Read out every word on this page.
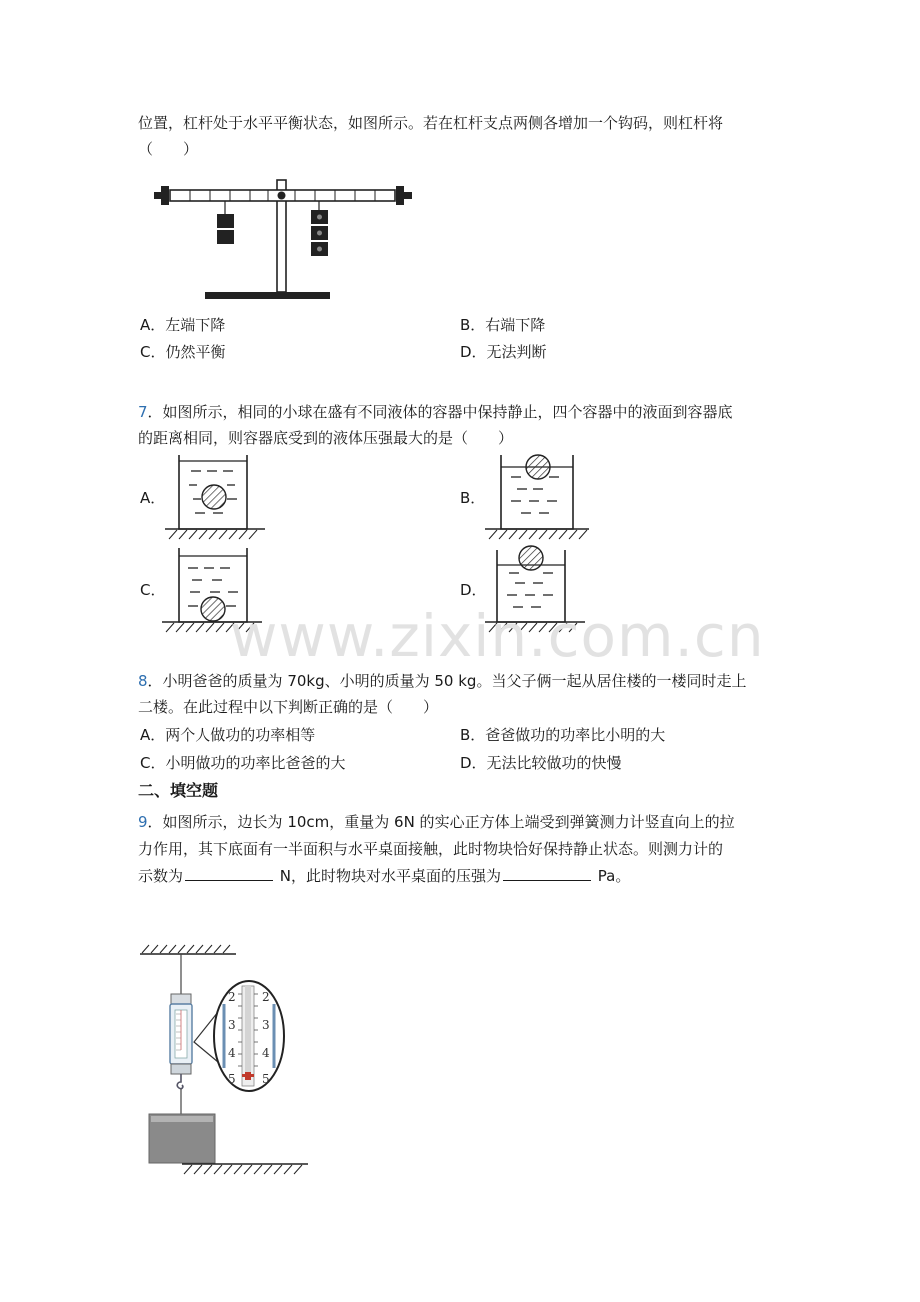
位置，杠杆处于水平平衡状态，如图所示。若在杠杆支点两侧各增加一个钩码，则杠杆将
（　　）
A．左端下降	B．右端下降
C．仍然平衡	D．无法判断
7．如图所示，相同的小球在盛有不同液体的容器中保持静止，四个容器中的液面到容器底
的距离相同，则容器底受到的液体压强最大的是（　　）
A．	B．
C．	D．
www.zixin.com.cn
8．小明爸爸的质量为 70kg、小明的质量为 50 kg。当父子俩一起从居住楼的一楼同时走上
二楼。在此过程中以下判断正确的是（　　）
A．两个人做功的功率相等	B．爸爸做功的功率比小明的大
C．小明做功的功率比爸爸的大	D．无法比较做功的快慢
二、填空题
9．如图所示，边长为 10cm，重量为 6N 的实心正方体上端受到弹簧测力计竖直向上的拉
力作用，其下底面有一半面积与水平桌面接触，此时物块恰好保持静止状态。则测力计的
示数为	N，此时物块对水平桌面的压强为	Pa。
2
3
4
5
2
3
4
5
